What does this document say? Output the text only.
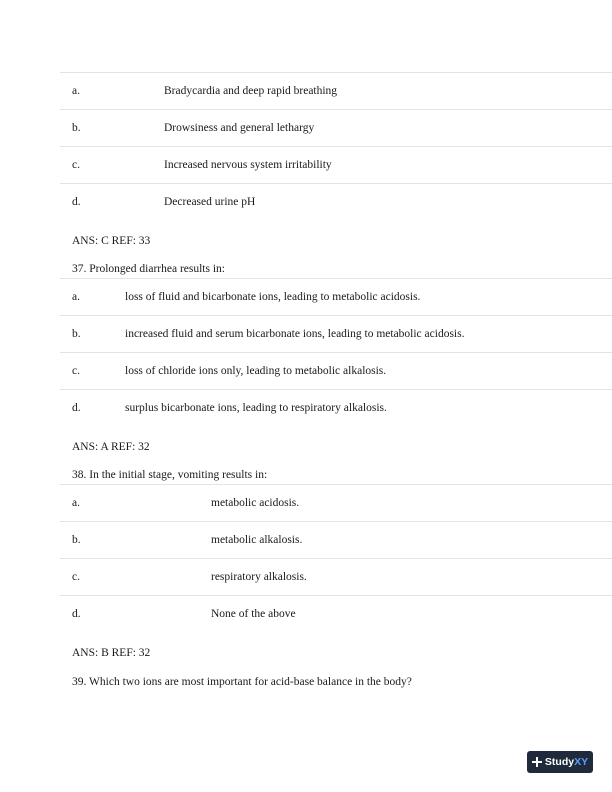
a.	Bradycardia and deep rapid breathing
b.	Drowsiness and general lethargy
c.	Increased nervous system irritability
d.	Decreased urine pH
ANS: C REF: 33
37. Prolonged diarrhea results in:
a.	loss of fluid and bicarbonate ions, leading to metabolic acidosis.
b.	increased fluid and serum bicarbonate ions, leading to metabolic acidosis.
c.	loss of chloride ions only, leading to metabolic alkalosis.
d.	surplus bicarbonate ions, leading to respiratory alkalosis.
ANS: A REF: 32
38. In the initial stage, vomiting results in:
a.	metabolic acidosis.
b.	metabolic alkalosis.
c.	respiratory alkalosis.
d.	None of the above
ANS: B REF: 32
39. Which two ions are most important for acid-base balance in the body?
StudyXY
